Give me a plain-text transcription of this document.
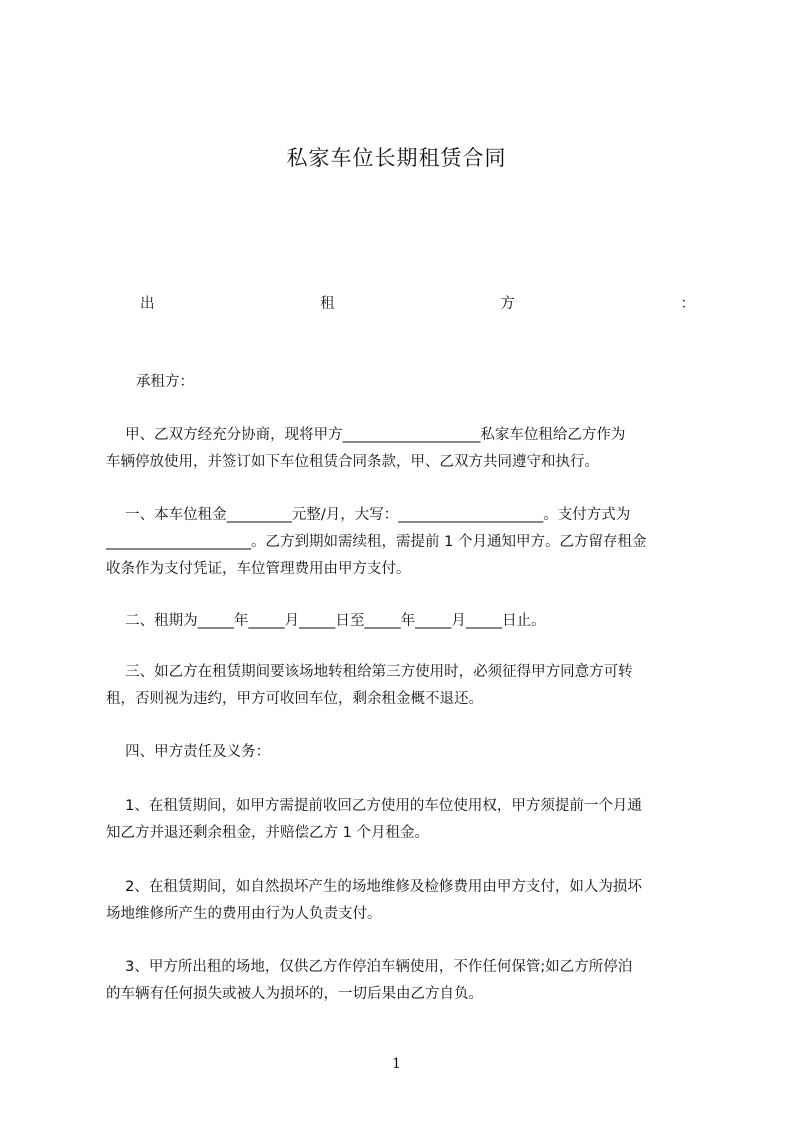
私家车位长期租赁合同
出	租	方	：
承租方：
　 甲、乙双方经充分协商，现将甲方___________________私家车位租给乙方作为
车辆停放使用，并签订如下车位租赁合同条款，甲、乙双方共同遵守和执行。
　 一、本车位租金_________元整/月，大写：____________________。支付方式为
____________________。乙方到期如需续租，需提前 1 个月通知甲方。乙方留存租金
收条作为支付凭证，车位管理费用由甲方支付。
　 二、租期为_____年_____月_____日至_____年_____月_____日止。
　 三、如乙方在租赁期间要该场地转租给第三方使用时，必须征得甲方同意方可转
租，否则视为违约，甲方可收回车位，剩余租金概不退还。
　 四、甲方责任及义务：
　 1、在租赁期间，如甲方需提前收回乙方使用的车位使用权，甲方须提前一个月通
知乙方并退还剩余租金，并赔偿乙方 1 个月租金。
　 2、在租赁期间，如自然损坏产生的场地维修及检修费用由甲方支付，如人为损坏
场地维修所产生的费用由行为人负责支付。
　 3、甲方所出租的场地，仅供乙方作停泊车辆使用，不作任何保管;如乙方所停泊
的车辆有任何损失或被人为损坏的，一切后果由乙方自负。
1
